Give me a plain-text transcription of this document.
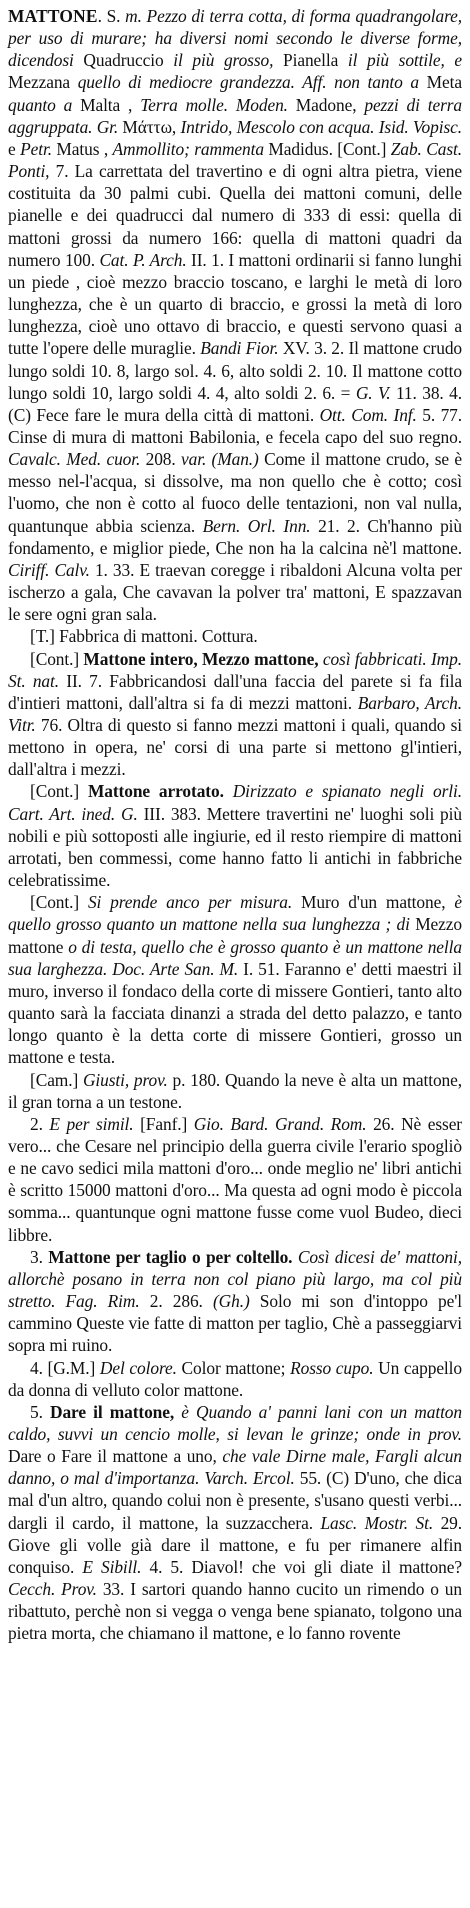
MATTONE. S. m. Pezzo di terra cotta, di forma quadrangolare, per uso di murare; ha diversi nomi secondo le diverse forme, dicendosi Quadruccio il più grosso, Pianella il più sottile, e Mezzana quello di mediocre grandezza. Aff. non tanto a Meta quanto a Malta , Terra molle. Moden. Madone, pezzi di terra aggruppata. Gr. Μάττω, Intrido, Mescolo con acqua. Isid. Vopisc. e Petr. Matus , Ammollito; rammenta Madidus. [Cont.] Zab. Cast. Ponti, 7. La carrettata del travertino e di ogni altra pietra, viene costituita da 30 palmi cubi. Quella dei mattoni comuni, delle pianelle e dei quadrucci dal numero di 333 di essi: quella di mattoni grossi da numero 166: quella di mattoni quadri da numero 100. Cat. P. Arch. II. 1. I mattoni ordinarii si fanno lunghi un piede , cioè mezzo braccio toscano, e larghi le metà di loro lunghezza, che è un quarto di braccio, e grossi la metà di loro lunghezza, cioè uno ottavo di braccio, e questi servono quasi a tutte l'opere delle muraglie. Bandi Fior. XV. 3. 2. Il mattone crudo lungo soldi 10. 8, largo sol. 4. 6, alto soldi 2. 10. Il mattone cotto lungo soldi 10, largo soldi 4. 4, alto soldi 2. 6. = G. V. 11. 38. 4. (C) Fece fare le mura della città di mattoni. Ott. Com. Inf. 5. 77. Cinse di mura di mattoni Babilonia, e fecela capo del suo regno. Cavalc. Med. cuor. 208. var. (Man.) Come il mattone crudo, se è messo nel-l'acqua, si dissolve, ma non quello che è cotto; così l'uomo, che non è cotto al fuoco delle tentazioni, non val nulla, quantunque abbia scienza. Bern. Orl. Inn. 21. 2. Ch'hanno più fondamento, e miglior piede, Che non ha la calcina nè'l mattone. Ciriff. Calv. 1. 33. E traevan coregge i ribaldoni Alcuna volta per ischerzo a gala, Che cavavan la polver tra' mattoni, E spazzavan le sere ogni gran sala.

[T.] Fabbrica di mattoni. Cottura.

[Cont.] Mattone intero, Mezzo mattone, così fabbricati. Imp. St. nat. II. 7. Fabbricandosi dall'una faccia del parete si fa fila d'intieri mattoni, dall'altra si fa di mezzi mattoni. Barbaro, Arch. Vitr. 76. Oltra di questo si fanno mezzi mattoni i quali, quando si mettono in opera, ne' corsi di una parte si mettono gl'intieri, dall'altra i mezzi.

[Cont.] Mattone arrotato. Dirizzato e spianato negli orli. Cart. Art. ined. G. III. 383. Mettere travertini ne' luoghi soli più nobili e più sottoposti alle ingiurie, ed il resto riempire di mattoni arrotati, ben commessi, come hanno fatto li antichi in fabbriche celebratissime.

[Cont.] Si prende anco per misura. Muro d'un mattone, è quello grosso quanto un mattone nella sua lunghezza ; di Mezzo mattone o di testa, quello che è grosso quanto è un mattone nella sua larghezza. Doc. Arte San. M. I. 51. Faranno e' detti maestri il muro, inverso il fondaco della corte di missere Gontieri, tanto alto quanto sarà la facciata dinanzi a strada del detto palazzo, e tanto longo quanto è la detta corte di missere Gontieri, grosso un mattone e testa.

[Cam.] Giusti, prov. p. 180. Quando la neve è alta un mattone, il gran torna a un testone.

2. E per simil. [Fanf.] Gio. Bard. Grand. Rom. 26. Nè esser vero... che Cesare nel principio della guerra civile l'erario spogliò e ne cavo sedici mila mattoni d'oro... onde meglio ne' libri antichi è scritto 15000 mattoni d'oro... Ma questa ad ogni modo è piccola somma... quantunque ogni mattone fusse come vuol Budeo, dieci libbre.

3. Mattone per taglio o per coltello. Così dicesi de' mattoni, allorchè posano in terra non col piano più largo, ma col più stretto. Fag. Rim. 2. 286. (Gh.) Solo mi son d'intoppo pe'l cammino Queste vie fatte di matton per taglio, Chè a passeggiarvi sopra mi ruino.

4. [G.M.] Del colore. Color mattone; Rosso cupo. Un cappello da donna di velluto color mattone.

5. Dare il mattone, è Quando a' panni lani con un matton caldo, suvvi un cencio molle, si levan le grinze; onde in prov. Dare o Fare il mattone a uno, che vale Dirne male, Fargli alcun danno, o mal d'importanza. Varch. Ercol. 55. (C) D'uno, che dica mal d'un altro, quando colui non è presente, s'usano questi verbi... dargli il cardo, il mattone, la suzzacchera. Lasc. Mostr. St. 29. Giove gli volle già dare il mattone, e fu per rimanere alfin conquiso. E Sibill. 4. 5. Diavol! che voi gli diate il mattone? Cecch. Prov. 33. I sartori quando hanno cucito un rimendo o un ribattuto, perchè non si vegga o venga bene spianato, tolgono una pietra morta, che chiamano il mattone, e lo fanno roventе
